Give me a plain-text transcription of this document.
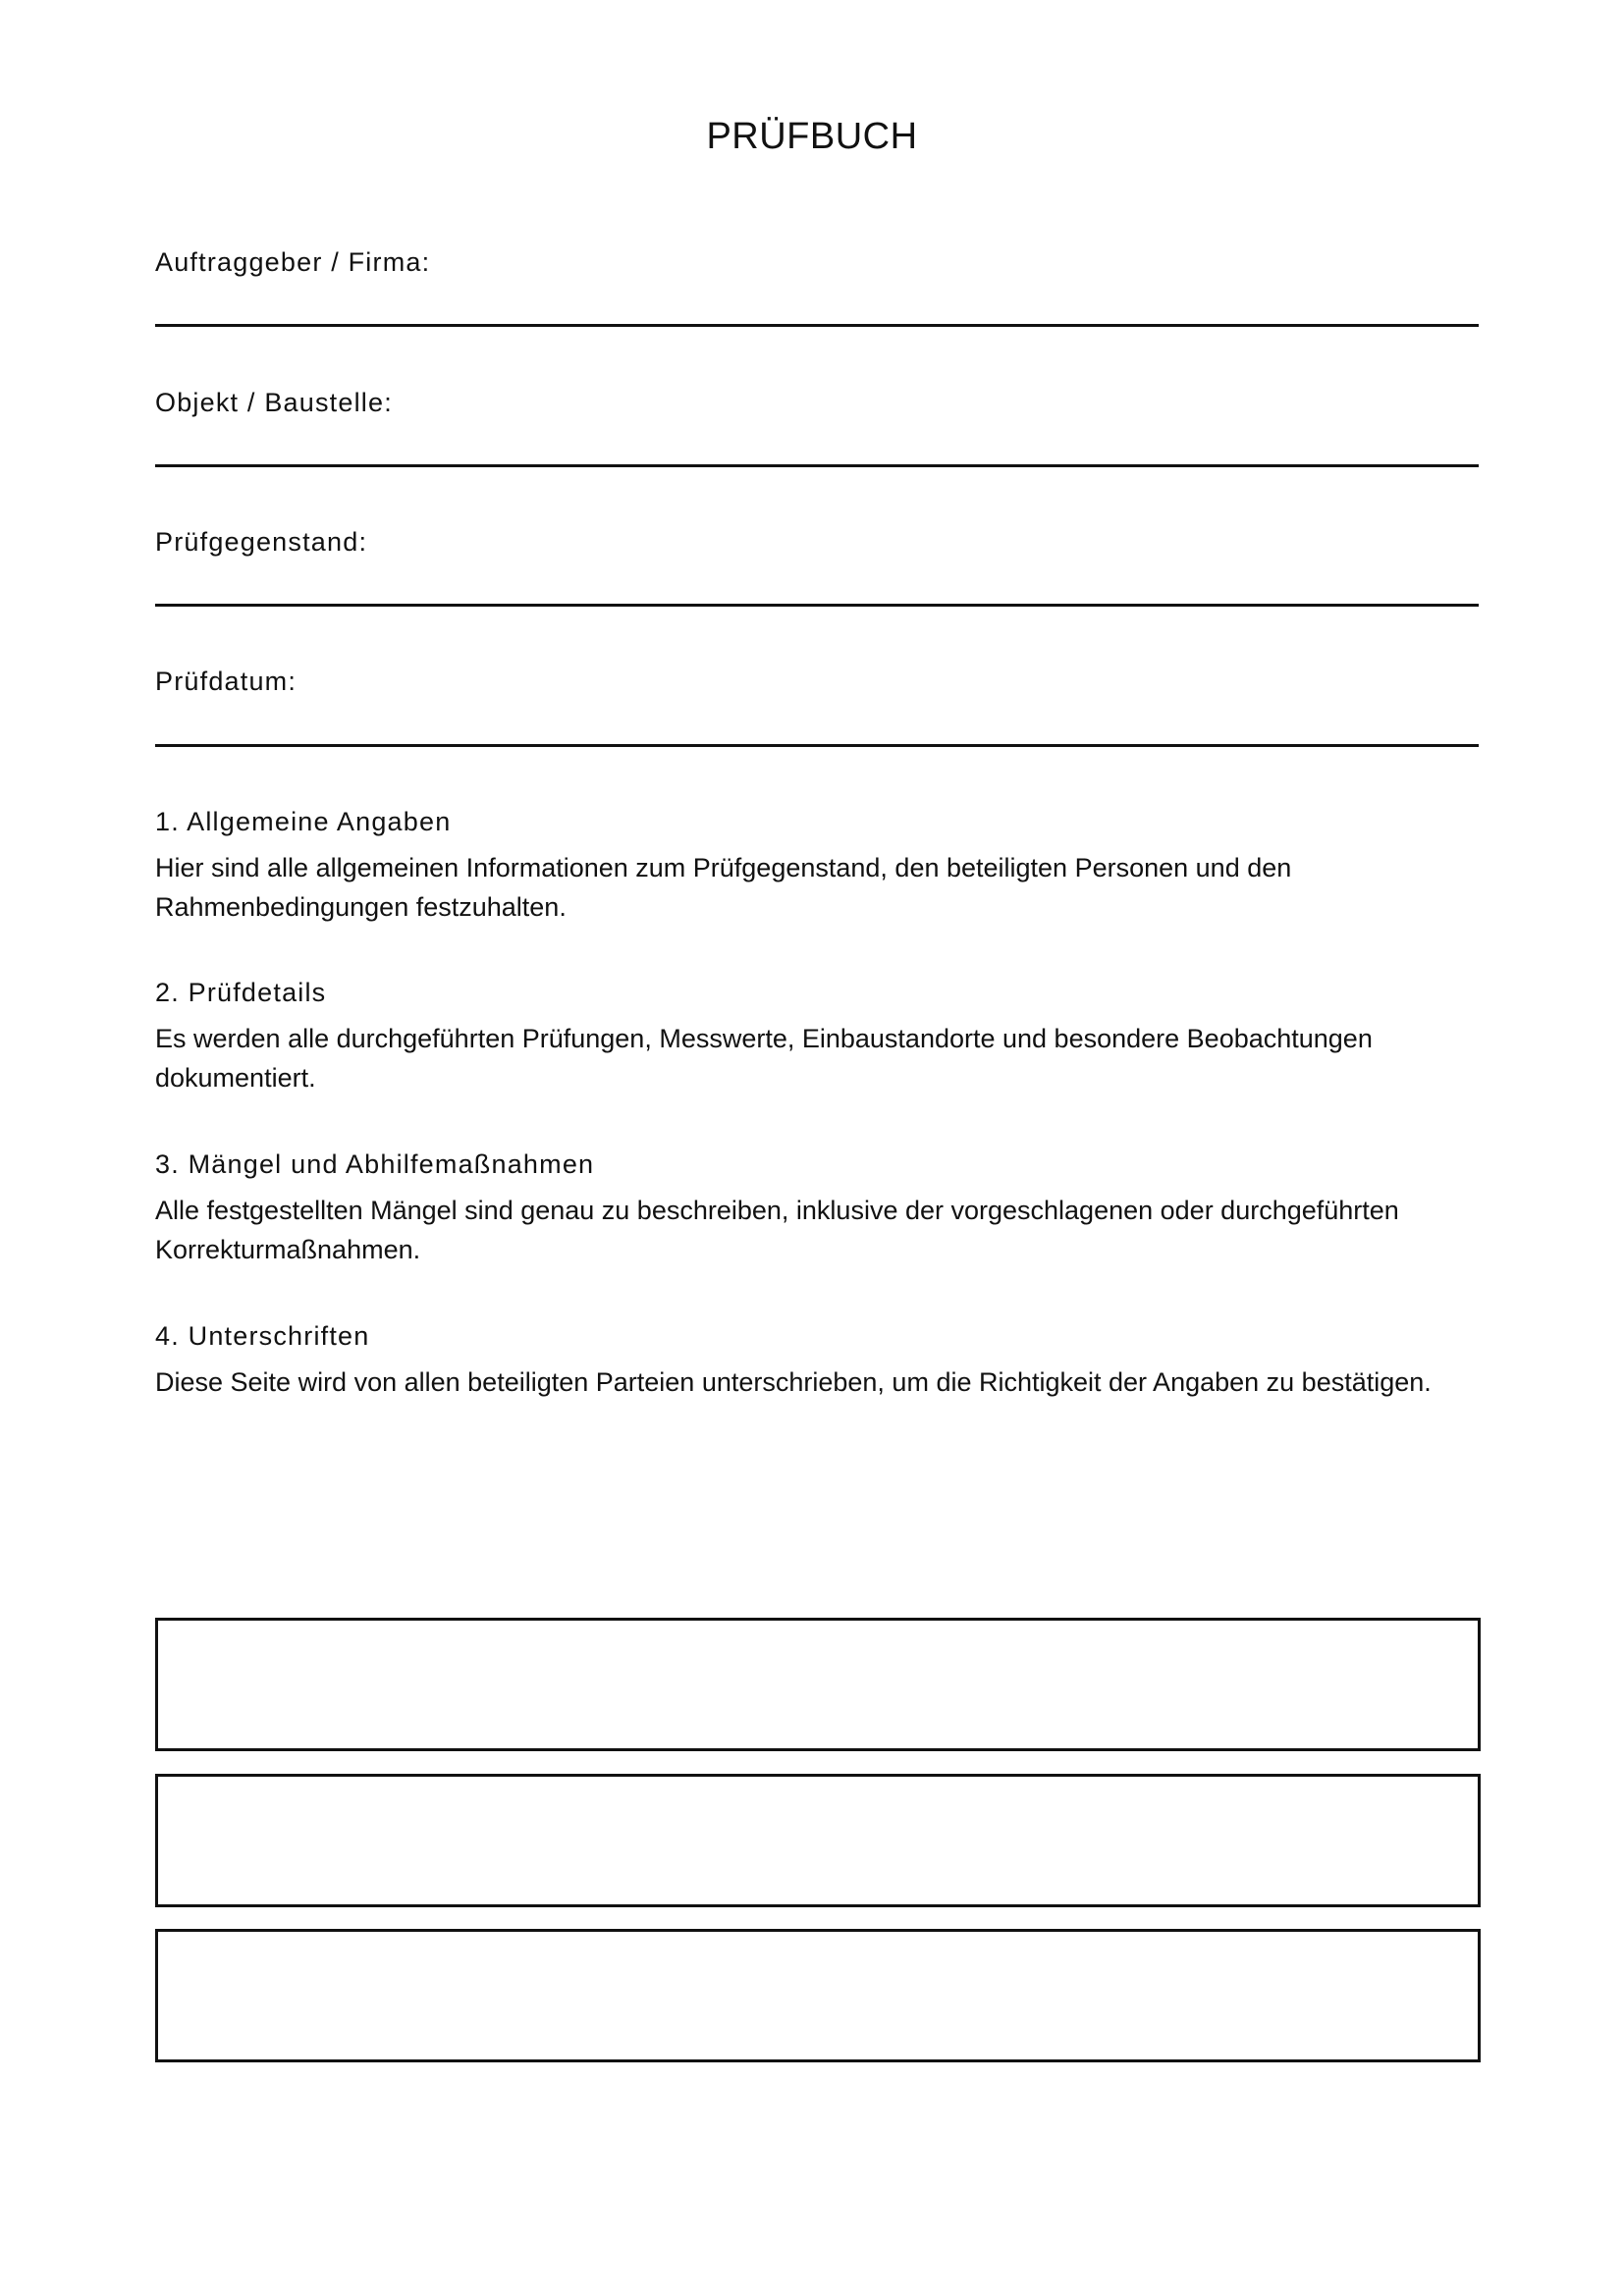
PRÜFBUCH
Auftraggeber / Firma:
Objekt / Baustelle:
Prüfgegenstand:
Prüfdatum:
1. Allgemeine Angaben
Hier sind alle allgemeinen Informationen zum Prüfgegenstand, den beteiligten Personen und den Rahmenbedingungen festzuhalten.
2. Prüfdetails
Es werden alle durchgeführten Prüfungen, Messwerte, Einbaustandorte und besondere Beobachtungen dokumentiert.
3. Mängel und Abhilfemaßnahmen
Alle festgestellten Mängel sind genau zu beschreiben, inklusive der vorgeschlagenen oder durchgeführten Korrekturmaßnahmen.
4. Unterschriften
Diese Seite wird von allen beteiligten Parteien unterschrieben, um die Richtigkeit der Angaben zu bestätigen.
